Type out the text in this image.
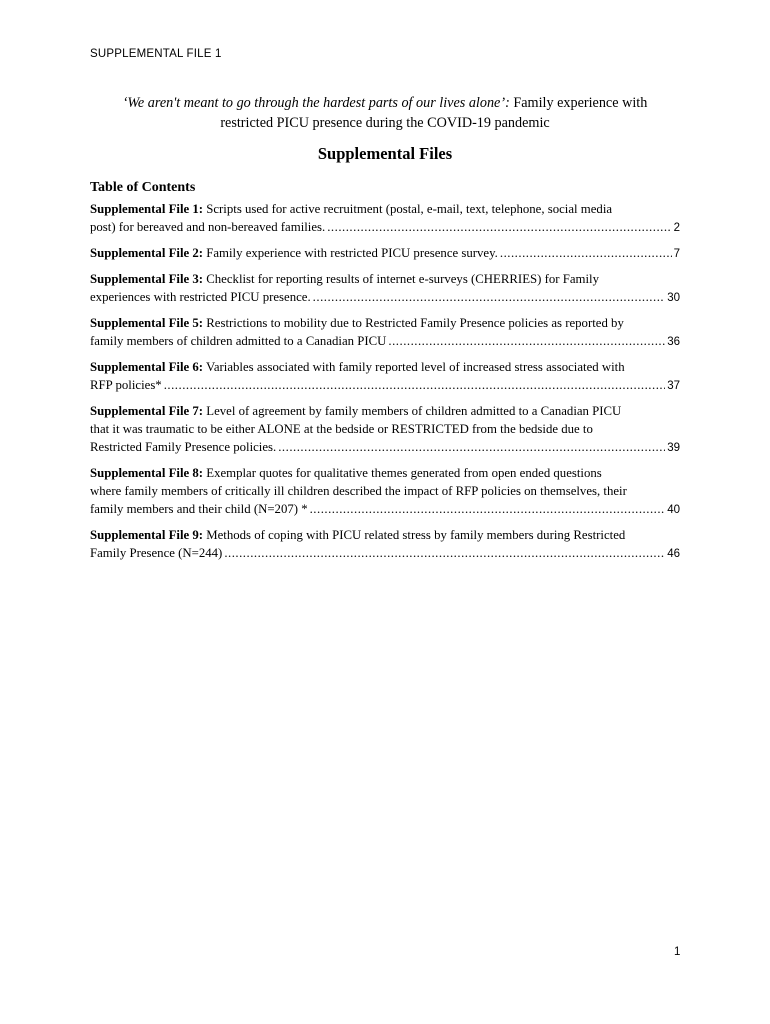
SUPPLEMENTAL FILE 1
‘We aren't meant to go through the hardest parts of our lives alone’: Family experience with
restricted PICU presence during the COVID-19 pandemic
Supplemental Files
Table of Contents
Supplemental File 1: Scripts used for active recruitment (postal, e-mail, text, telephone, social media
post) for bereaved and non-bereaved families. .....	2
Supplemental File 2: Family experience with restricted PICU presence survey. .....	7
Supplemental File 3: Checklist for reporting results of internet e-surveys (CHERRIES) for Family
experiences with restricted PICU presence. .....	30
Supplemental File 5: Restrictions to mobility due to Restricted Family Presence policies as reported by
family members of children admitted to a Canadian PICU .....	36
Supplemental File 6: Variables associated with family reported level of increased stress associated with
RFP policies* .....	37
Supplemental File 7: Level of agreement by family members of children admitted to a Canadian PICU
that it was traumatic to be either ALONE at the bedside or RESTRICTED from the bedside due to
Restricted Family Presence policies. .....	39
Supplemental File 8: Exemplar quotes for qualitative themes generated from open ended questions
where family members of critically ill children described the impact of RFP policies on themselves, their
family members and their child (N=207) * .....	40
Supplemental File 9: Methods of coping with PICU related stress by family members during Restricted
Family Presence (N=244) .....	46
1
